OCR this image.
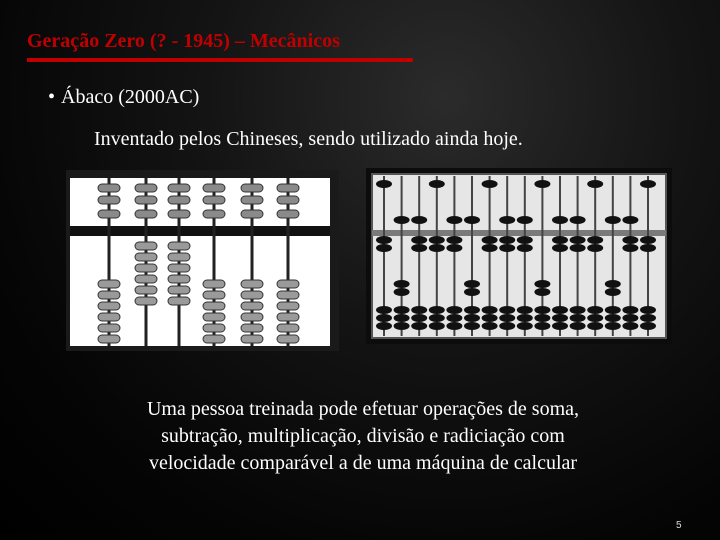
Geração Zero (? - 1945) – Mecânicos
• Ábaco (2000AC)
Inventado pelos Chineses, sendo utilizado ainda hoje.
Uma pessoa treinada pode efetuar operações de soma,
subtração, multiplicação, divisão e radiciação com
velocidade comparável a de uma máquina de calcular
5
